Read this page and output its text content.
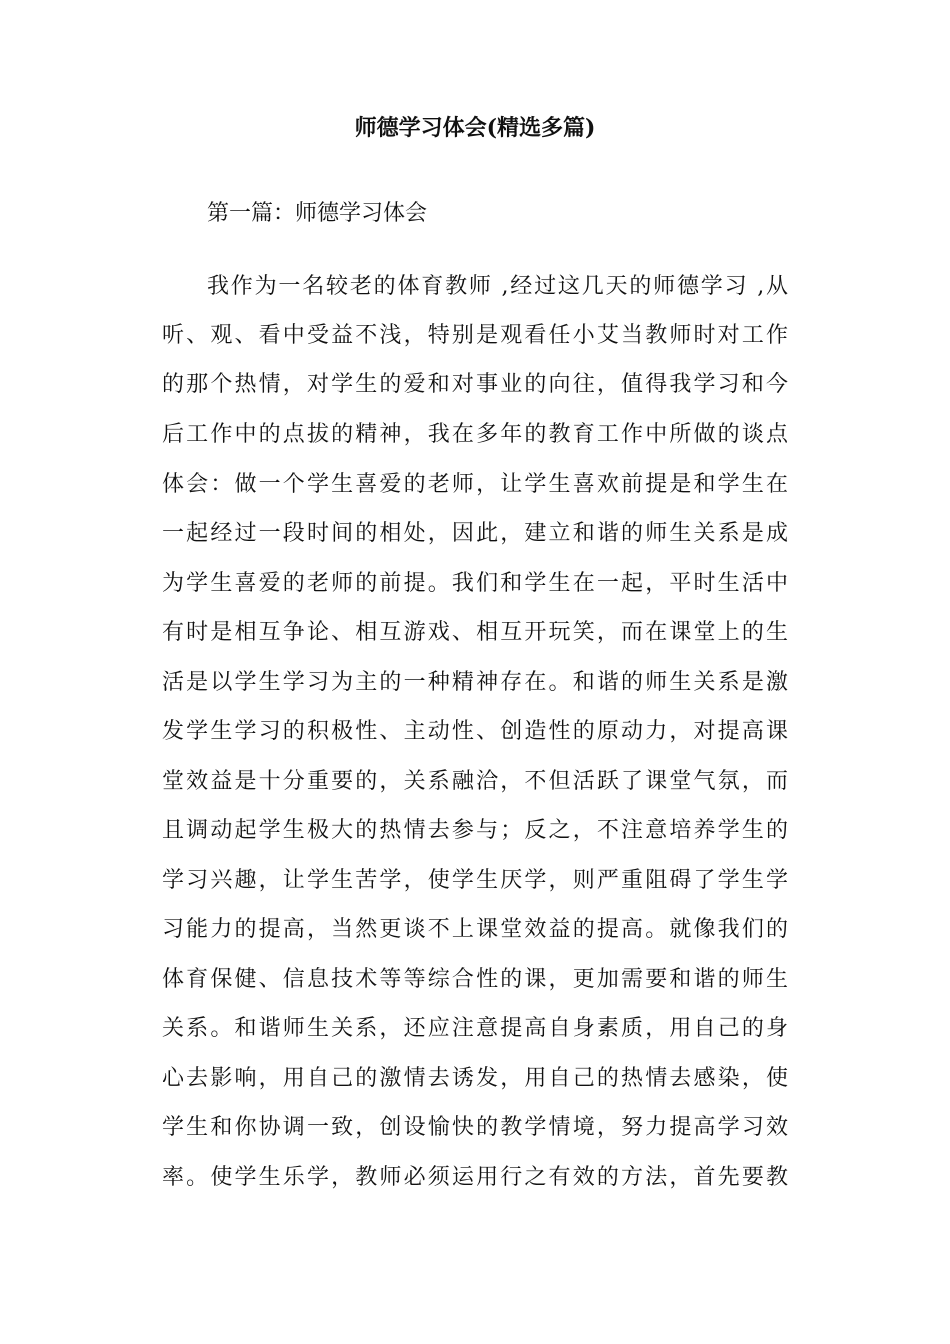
师德学习体会(精选多篇)
第一篇：师德学习体会
我作为一名较老的体育教师 ,经过这几天的师德学习 ,从
听、观、看中受益不浅，特别是观看任小艾当教师时对工作
的那个热情，对学生的爱和对事业的向往，值得我学习和今
后工作中的点拔的精神，我在多年的教育工作中所做的谈点
体会：做一个学生喜爱的老师，让学生喜欢前提是和学生在
一起经过一段时间的相处，因此，建立和谐的师生关系是成
为学生喜爱的老师的前提。我们和学生在一起，平时生活中
有时是相互争论、相互游戏、相互开玩笑，而在课堂上的生
活是以学生学习为主的一种精神存在。和谐的师生关系是激
发学生学习的积极性、主动性、创造性的原动力，对提高课
堂效益是十分重要的，关系融洽，不但活跃了课堂气氛，而
且调动起学生极大的热情去参与；反之，不注意培养学生的
学习兴趣，让学生苦学，使学生厌学，则严重阻碍了学生学
习能力的提高，当然更谈不上课堂效益的提高。就像我们的
体育保健、信息技术等等综合性的课，更加需要和谐的师生
关系。和谐师生关系，还应注意提高自身素质，用自己的身
心去影响，用自己的激情去诱发，用自己的热情去感染，使
学生和你协调一致，创设愉快的教学情境，努力提高学习效
率。使学生乐学，教师必须运用行之有效的方法，首先要教
